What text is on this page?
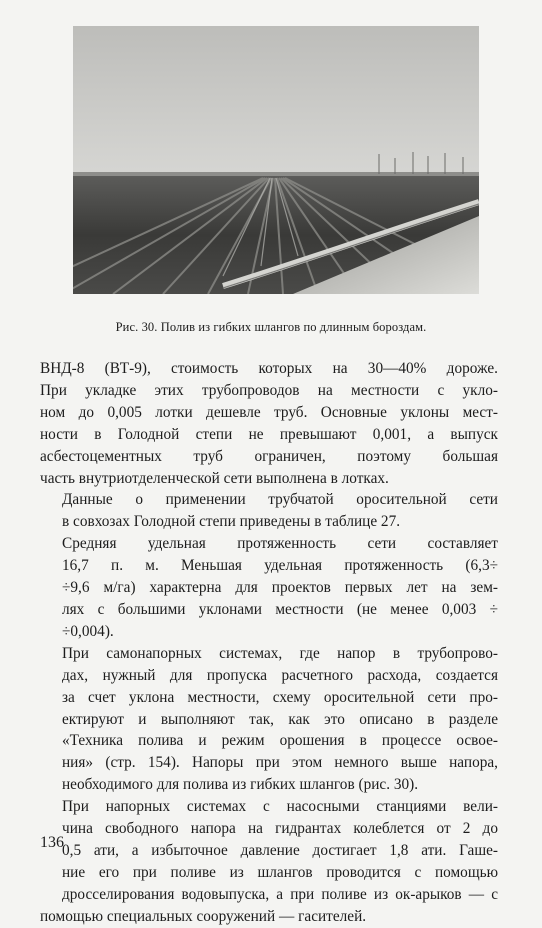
Рис. 30. Полив из гибких шлангов по длинным бороздам.

ВНД-8 (ВТ-9), стоимость которых на 30—40% дороже.
При укладке этих трубопроводов на местности с укло-
ном до 0,005 лотки дешевле труб. Основные уклоны мест-
ности в Голодной степи не превышают 0,001, а выпуск
асбестоцементных труб ограничен, поэтому большая
часть внутриотделенческой сети выполнена в лотках.

Данные о применении трубчатой оросительной сети
в совхозах Голодной степи приведены в таблице 27.

Средняя удельная протяженность сети составляет
16,7 п. м. Меньшая удельная протяженность (6,3÷
÷9,6 м/га) характерна для проектов первых лет на зем-
лях с большими уклонами местности (не менее 0,003 ÷
÷0,004).

При самонапорных системах, где напор в трубопрово-
дах, нужный для пропуска расчетного расхода, создается
за счет уклона местности, схему оросительной сети про-
ектируют и выполняют так, как это описано в разделе
«Техника полива и режим орошения в процессе освое-
ния» (стр. 154). Напоры при этом немного выше напора,
необходимого для полива из гибких шлангов (рис. 30).

При напорных системах с насосными станциями вели-
чина свободного напора на гидрантах колеблется от 2 до
0,5 ати, а избыточное давление достигает 1,8 ати. Гаше-
ние его при поливе из шлангов проводится с помощью
дросселирования водовыпуска, а при поливе из ок-арыков — с помощью специальных сооружений — гасителей.

136
